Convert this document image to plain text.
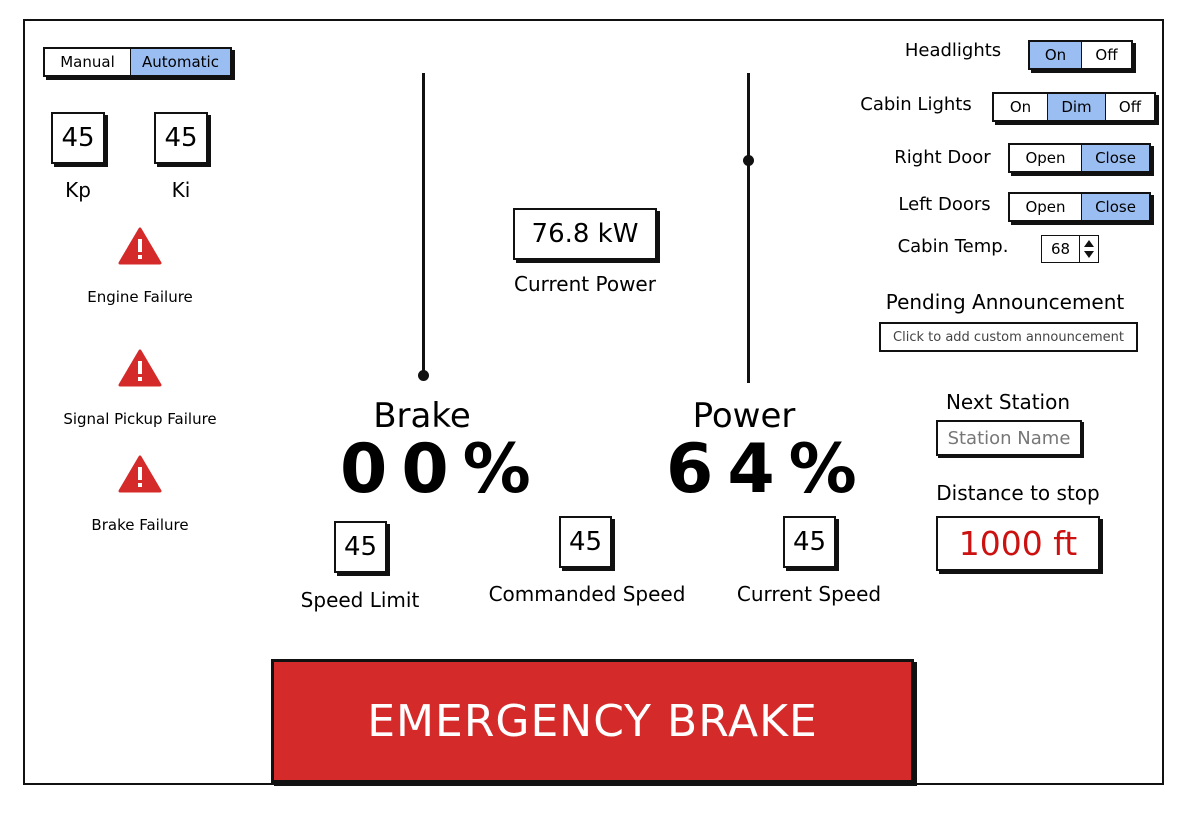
Manual	Automatic
45
Kp
45
Ki
Engine Failure
Signal Pickup Failure
Brake Failure
76.8 kW
Current Power
Brake
00%
Power
64%
45
Speed Limit
45
Commanded Speed
45
Current Speed
EMERGENCY BRAKE
Headlights	On	Off
Cabin Lights	On	Dim	Off
Right Door	Open	Close
Left Doors	Open	Close
Cabin Temp.	68
Pending Announcement
Click to add custom announcement
Next Station
Station Name
Distance to stop
1000 ft
